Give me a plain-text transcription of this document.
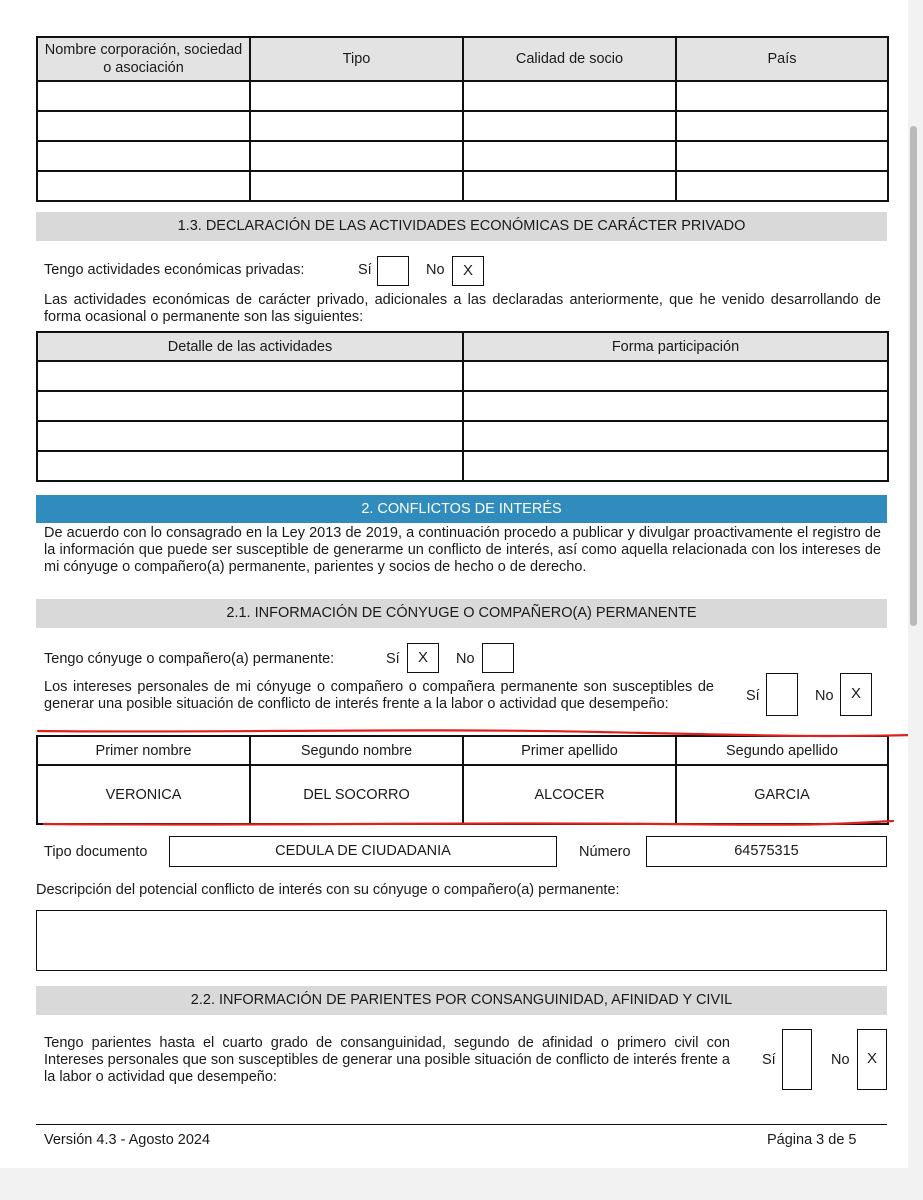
Nombre corporación, sociedad o asociación	Tipo	Calidad de socio	País

1.3. DECLARACIÓN DE LAS ACTIVIDADES ECONÓMICAS DE CARÁCTER PRIVADO
Tengo actividades económicas privadas:	Sí	No	X
Las actividades económicas de carácter privado, adicionales a las declaradas anteriormente, que he venido desarrollando de forma ocasional o permanente son las siguientes:
Detalle de las actividades	Forma participación

2. CONFLICTOS DE INTERÉS
De acuerdo con lo consagrado en la Ley 2013 de 2019, a continuación procedo a publicar y divulgar proactivamente el registro de la información que puede ser susceptible de generarme un conflicto de interés, así como aquella relacionada con los intereses de mi cónyuge o compañero(a) permanente, parientes y socios de hecho o de derecho.
2.1. INFORMACIÓN DE CÓNYUGE O COMPAÑERO(A) PERMANENTE
Tengo cónyuge o compañero(a) permanente:	Sí	X	No
Los intereses personales de mi cónyuge o compañero o compañera permanente son susceptibles de generar una posible situación de conflicto de interés frente a la labor o actividad que desempeño:	Sí	No	X
Primer nombre	Segundo nombre	Primer apellido	Segundo apellido
VERONICA	DEL SOCORRO	ALCOCER	GARCIA
Tipo documento	CEDULA DE CIUDADANIA	Número	64575315
Descripción del potencial conflicto de interés con su cónyuge o compañero(a) permanente:
2.2. INFORMACIÓN DE PARIENTES POR CONSANGUINIDAD, AFINIDAD Y CIVIL
Tengo parientes hasta el cuarto grado de consanguinidad, segundo de afinidad o primero civil con Intereses personales que son susceptibles de generar una posible situación de conflicto de interés frente a la labor o actividad que desempeño:
Sí	No	X
Versión 4.3 - Agosto 2024	Página 3 de 5
